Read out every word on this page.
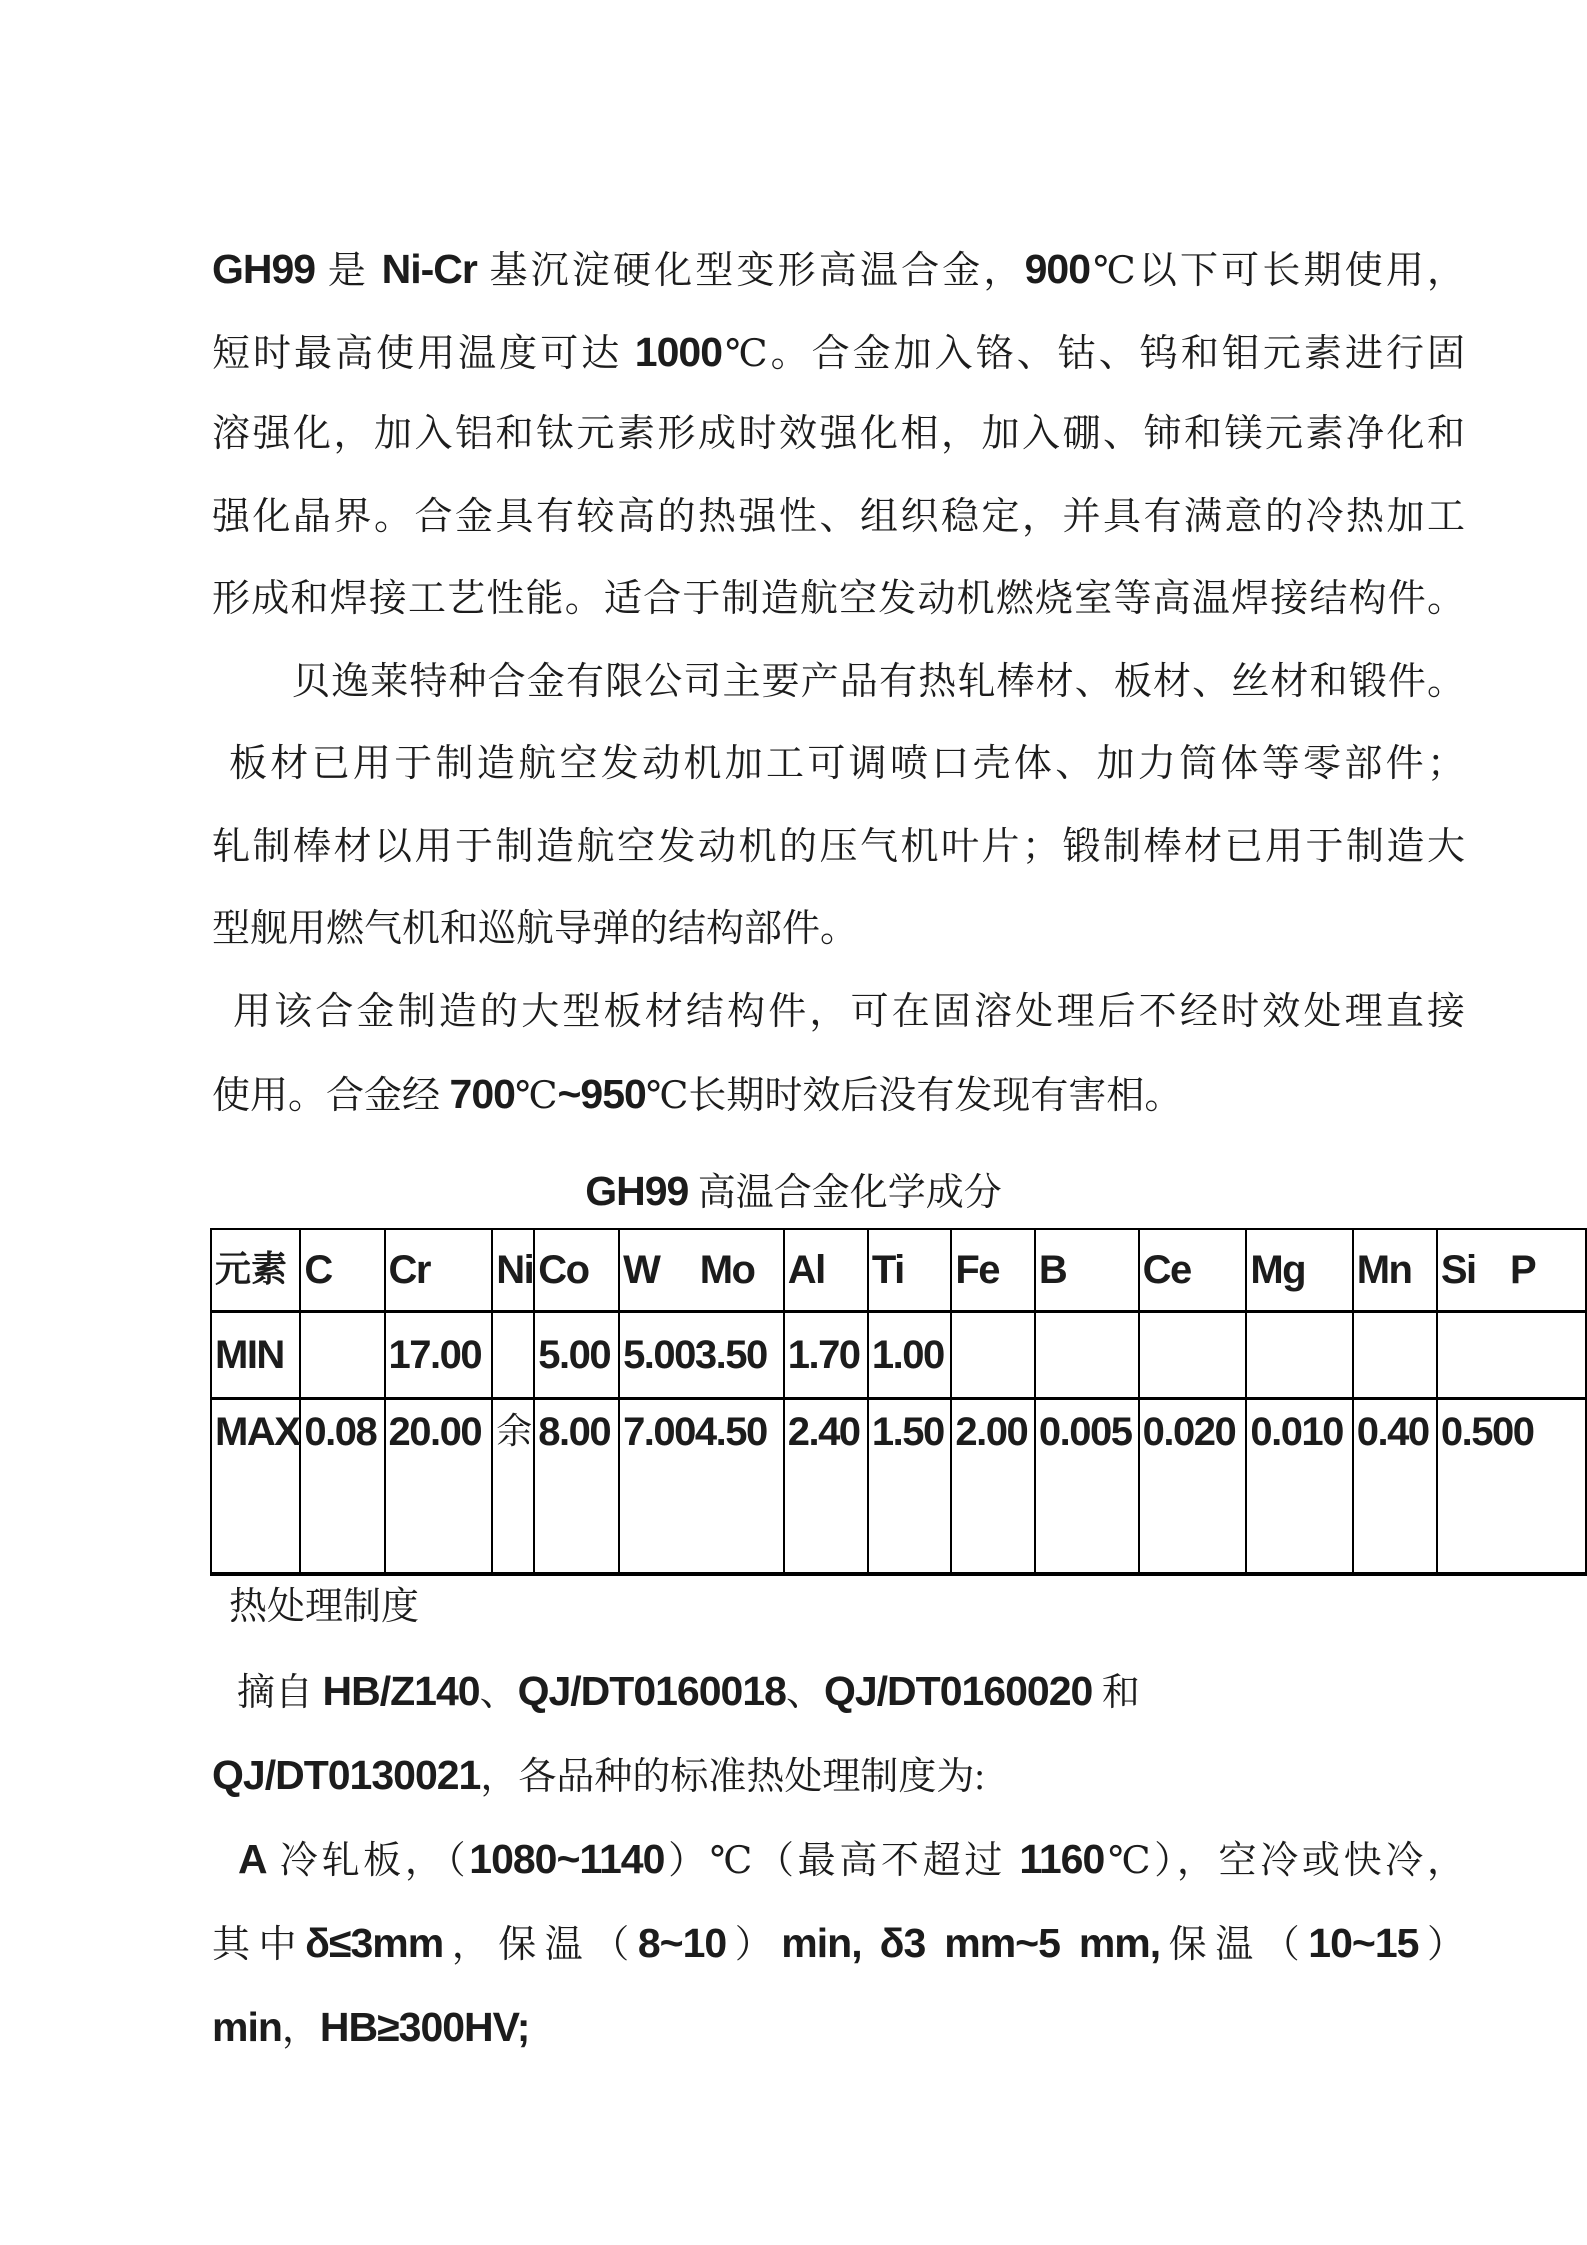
GH99 是 Ni-Cr 基沉淀硬化型变形高温合金，900℃以下可长期使用，
短时最高使用温度可达 1000℃。合金加入铬、钴、钨和钼元素进行固
溶强化，加入铝和钛元素形成时效强化相，加入硼、铈和镁元素净化和
强化晶界。合金具有较高的热强性、组织稳定，并具有满意的冷热加工
形成和焊接工艺性能。适合于制造航空发动机燃烧室等高温焊接结构件。
贝逸莱特种合金有限公司主要产品有热轧棒材、板材、丝材和锻件。
板材已用于制造航空发动机加工可调喷口壳体、加力筒体等零部件；
轧制棒材以用于制造航空发动机的压气机叶片；锻制棒材已用于制造大
型舰用燃气机和巡航导弹的结构部件。
用该合金制造的大型板材结构件，可在固溶处理后不经时效处理直接
使用。合金经 700℃~950℃长期时效后没有发现有害相。
GH99 高温合金化学成分
热处理制度
摘自 HB/Z140、QJ/DT0160018、QJ/DT0160020 和
QJ/DT0130021，各品种的标准热处理制度为:
A 冷轧板，（1080~1140）℃（最高不超过 1160℃），空冷或快冷，
其中δ≤3mm，保温（8~10）min, δ3 mm~5 mm,保温（10~15）
min，HB≥300HV;
元素	C	Cr	Ni	Co	W Mo	Al	Ti	Fe	B	Ce	Mg	Mn	Si P

MIN		17.00		5.00	5.003.50	1.70	1.00						
MAX	0.08	20.00	余	8.00	7.004.50	2.40	1.50	2.00	0.005	0.020	0.010	0.40	0.500
